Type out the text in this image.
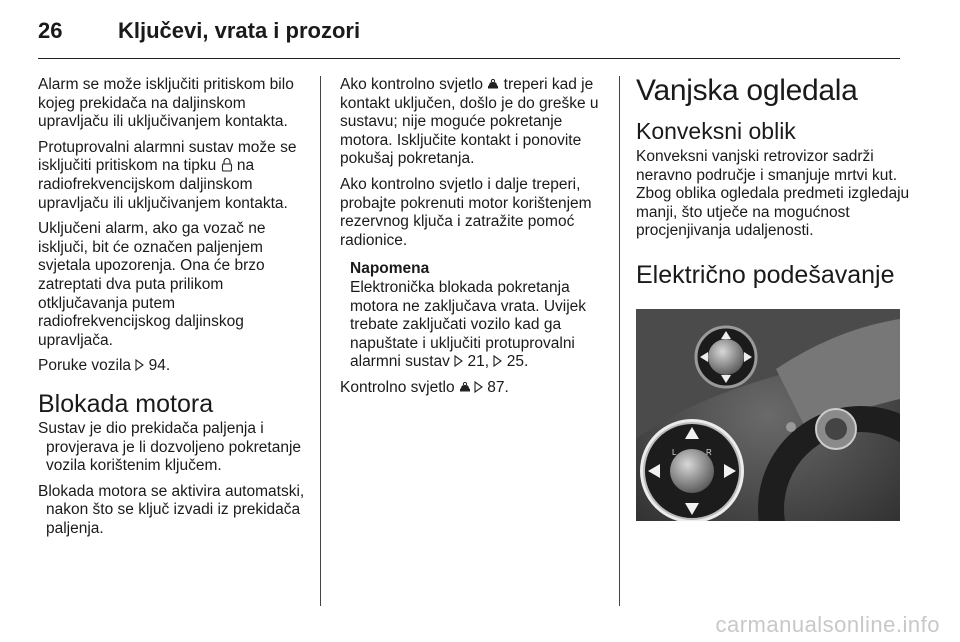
26	Ključevi, vrata i prozori

Alarm se može isključiti pritiskom bilo kojeg prekidača na daljinskom upravljaču ili uključivanjem kontakta.

Protuprovalni alarmni sustav može se isključiti pritiskom na tipku  na radiofrekvencijskom daljinskom upravljaču ili uključivanjem kontakta.

Uključeni alarm, ako ga vozač ne isključi, bit će označen paljenjem svjetala upozorenja. Ona će brzo zatreptati dva puta prilikom otključavanja putem radiofrekvencijskog daljinskog upravljača.

Poruke vozila  94.

Blokada motora

Sustav je dio prekidača paljenja i provjerava je li dozvoljeno pokretanje vozila korištenim ključem.

Blokada motora se aktivira automatski, nakon što se ključ izvadi iz prekidača paljenja.

Ako kontrolno svjetlo  treperi kad je kontakt uključen, došlo je do greške u sustavu; nije moguće pokretanje motora. Isključite kontakt i ponovite pokušaj pokretanja.

Ako kontrolno svjetlo i dalje treperi, probajte pokrenuti motor korištenjem rezervnog ključa i zatražite pomoć radionice.

Napomena

Elektronička blokada pokretanja motora ne zaključava vrata. Uvijek trebate zaključati vozilo kad ga napuštate i uključiti protuprovalni alarmni sustav  21,  25.

Kontrolno svjetlo  87.

Vanjska ogledala
Konveksni oblik

Konveksni vanjski retrovizor sadrži neravno područje i smanjuje mrtvi kut. Zbog oblika ogledala predmeti izgledaju manji, što utječe na mogućnost procjenjivanja udaljenosti.

Električno podešavanje
L	R
carmanualsonline.info
